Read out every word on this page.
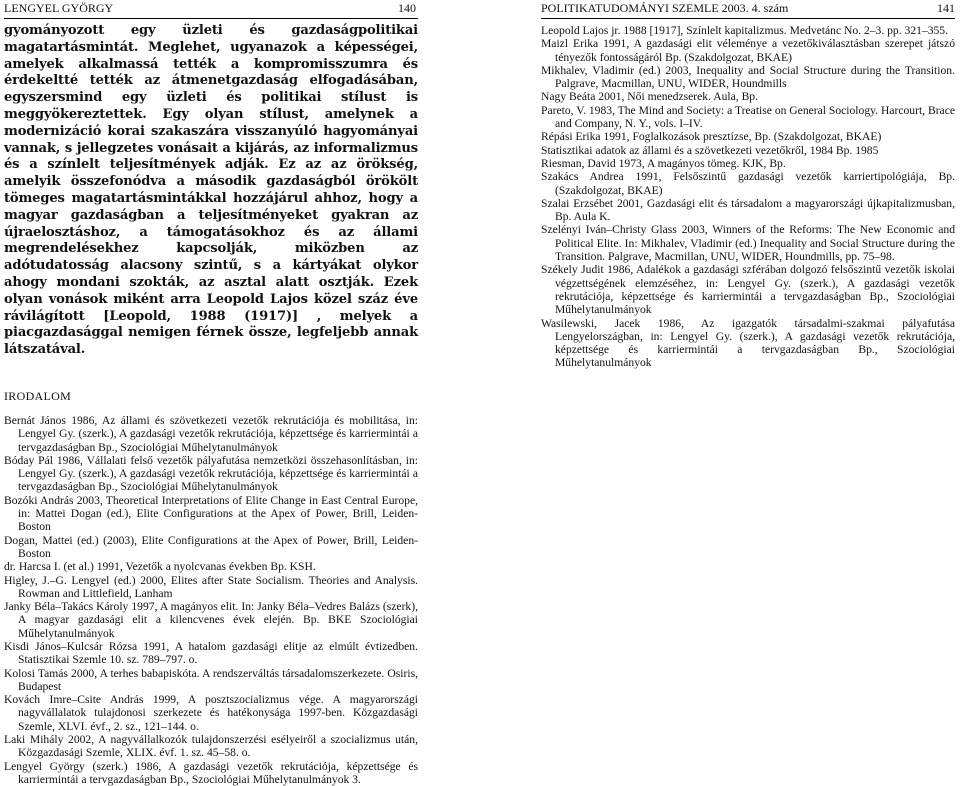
LENGYEL GYÖRGY	140

gyományozott egy üzleti és gazdaságpolitikai magatartásmintát. Meglehet, ugyanazok a képességei, amelyek alkalmassá tették a kompromisszumra és érdekeltté tették az átmenetgazdaság elfogadásában, egyszersmind egy üzleti és politikai stílust is meggyökereztettek. Egy olyan stílust, amelynek a modernizáció korai szakaszára visszanyúló hagyományai vannak, s jellegzetes vonásait a kijárás, az informalizmus és a színlelt teljesítmények adják. Ez az az örökség, amelyik összefonódva a második gazdaságból örökölt tömeges magatartásmintákkal hozzájárul ahhoz, hogy a magyar gazdaságban a teljesítményeket gyakran az újraelosztáshoz, a támogatásokhoz és az állami megrendelésekhez kapcsolják, miközben az adótudatosság alacsony szintű, s a kártyákat olykor ahogy mondani szokták, az asztal alatt osztják. Ezek olyan vonások miként arra Leopold Lajos közel száz éve rávilágított [Leopold, 1988 (1917)] , melyek a piacgazdasággal nemigen férnek össze, legfeljebb annak látszatával.

IRODALOM
Bernát János 1986, Az állami és szövetkezeti vezetők rekrutációja és mobilitása, in: Lengyel Gy. (szerk.), A gazdasági vezetők rekrutációja, képzettsége és karriermintái a tervgazdaságban Bp., Szociológiai Műhelytanulmányok
Bóday Pál 1986, Vállalati felső vezetők pályafutása nemzetközi összehasonlításban, in: Lengyel Gy. (szerk.), A gazdasági vezetők rekrutációja, képzettsége és karriermintái a tervgazdaságban Bp., Szociológiai Műhelytanulmányok
Bozóki András 2003, Theoretical Interpretations of Elite Change in East Central Europe, in: Mattei Dogan (ed.), Elite Configurations at the Apex of Power, Brill, Leiden-Boston
Dogan, Mattei (ed.) (2003), Elite Configurations at the Apex of Power, Brill, Leiden-Boston
dr. Harcsa I. (et al.) 1991, Vezetők a nyolcvanas években Bp. KSH.
Higley, J.–G. Lengyel (ed.) 2000, Elites after State Socialism. Theories and Analysis. Rowman and Littlefield, Lanham
Janky Béla–Takács Károly 1997, A magányos elit. In: Janky Béla–Vedres Balázs (szerk), A magyar gazdasági elit a kilencvenes évek elején. Bp. BKE Szociológiai Műhelytanulmányok
Kisdi János–Kulcsár Rózsa 1991, A hatalom gazdasági elitje az elmúlt évtizedben. Statisztikai Szemle 10. sz. 789–797. o.
Kolosi Tamás 2000, A terhes babapiskóta. A rendszerváltás társadalomszerkezete. Osiris, Budapest
Kovách Imre–Csite András 1999, A posztszocializmus vége. A magyarországi nagyvállalatok tulajdonosi szerkezete és hatékonysága 1997-ben. Közgazdasági Szemle, XLVI. évf., 2. sz., 121–144. o.
Laki Mihály 2002, A nagyvállalkozók tulajdonszerzési esélyeiről a szocializmus után, Közgazdasági Szemle, XLIX. évf. 1. sz. 45–58. o.
Lengyel György (szerk.) 1986, A gazdasági vezetők rekrutációja, képzettsége és karriermintái a tervgazdaságban Bp., Szociológiai Műhelytanulmányok 3.
POLITIKATUDOMÁNYI SZEMLE 2003. 4. szám	141
Leopold Lajos jr. 1988 [1917], Színlelt kapitalizmus. Medvetánc No. 2–3. pp. 321–355.
Maizl Erika 1991, A gazdasági elit véleménye a vezetőkiválasztásban szerepet játszó tényezők fontosságáról Bp. (Szakdolgozat, BKAE)
Mikhalev, Vladimir (ed.) 2003, Inequality and Social Structure during the Transition. Palgrave, Macmillan, UNU, WIDER, Houndmills
Nagy Beáta 2001, Női menedzserek. Aula, Bp.
Pareto, V. 1983, The Mind and Society: a Treatise on General Sociology. Harcourt, Brace and Company, N. Y., vols. I–IV.
Répási Erika 1991, Foglalkozások presztízse, Bp. (Szakdolgozat, BKAE)
Statisztikai adatok az állami és a szövetkezeti vezetőkről, 1984 Bp. 1985
Riesman, David 1973, A magányos tömeg. KJK, Bp.
Szakács Andrea 1991, Felsőszintű gazdasági vezetők karriertipológiája, Bp. (Szakdolgozat, BKAE)
Szalai Erzsébet 2001, Gazdasági elit és társadalom a magyarországi újkapitalizmusban, Bp. Aula K.
Szelényi Iván–Christy Glass 2003, Winners of the Reforms: The New Economic and Political Elite. In: Mikhalev, Vladimir (ed.) Inequality and Social Structure during the Transition. Palgrave, Macmillan, UNU, WIDER, Houndmills, pp. 75–98.
Székely Judit 1986, Adalékok a gazdasági szférában dolgozó felsőszintű vezetők iskolai végzettségének elemzéséhez, in: Lengyel Gy. (szerk.), A gazdasági vezetők rekrutációja, képzettsége és karriermintái a tervgazdaságban Bp., Szociológiai Műhelytanulmányok
Wasilewski, Jacek 1986, Az igazgatók társadalmi-szakmai pályafutása Lengyelországban, in: Lengyel Gy. (szerk.), A gazdasági vezetők rekrutációja, képzettsége és karriermintái a tervgazdaságban Bp., Szociológiai Műhelytanulmányok
